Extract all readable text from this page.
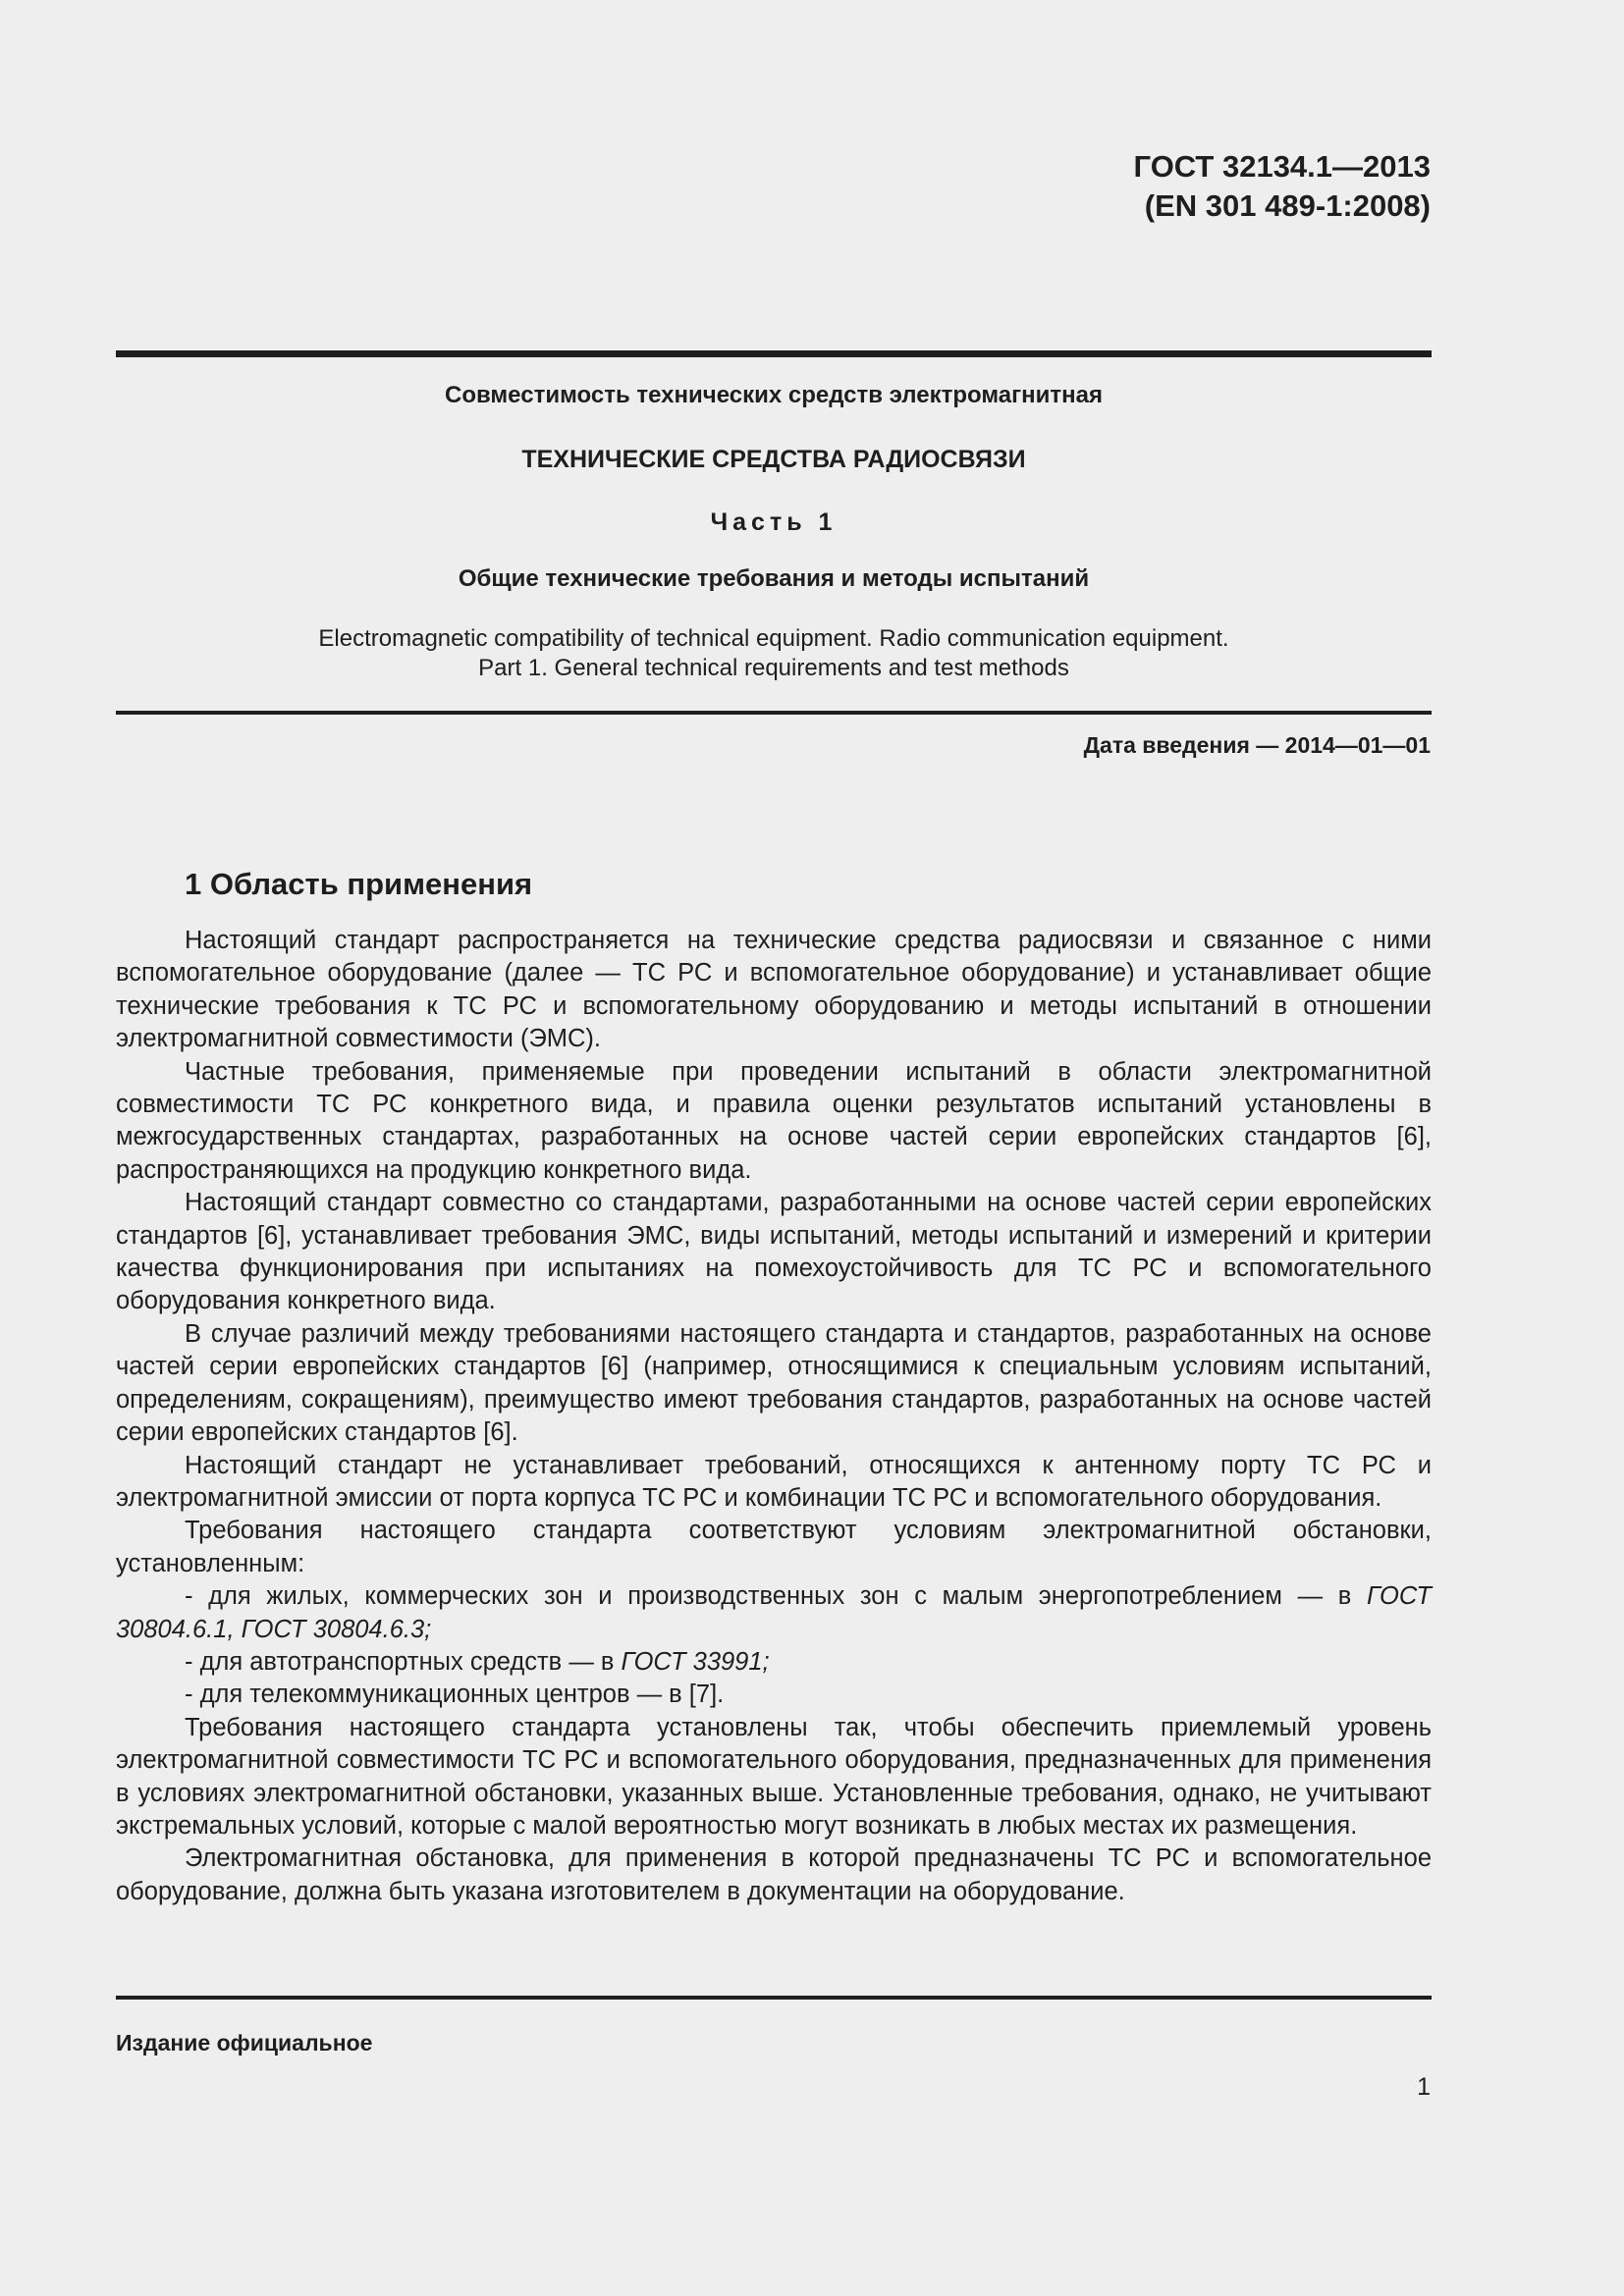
ГОСТ 32134.1—2013
(EN 301 489-1:2008)
Совместимость технических средств электромагнитная
ТЕХНИЧЕСКИЕ СРЕДСТВА РАДИОСВЯЗИ
Часть 1
Общие технические требования и методы испытаний
Electromagnetic compatibility of technical equipment. Radio communication equipment.
Part 1. General technical requirements and test methods
Дата введения — 2014—01—01
1 Область применения

Настоящий стандарт распространяется на технические средства радиосвязи и связанное с ними вспомогательное оборудование (далее — ТС РС и вспомогательное оборудование) и устанавливает общие технические требования к ТС РС и вспомогательному оборудованию и методы испытаний в отношении электромагнитной совместимости (ЭМС).

Частные требования, применяемые при проведении испытаний в области электромагнитной совместимости ТС РС конкретного вида, и правила оценки результатов испытаний установлены в межгосударственных стандартах, разработанных на основе частей серии европейских стандартов [6], распространяющихся на продукцию конкретного вида.

Настоящий стандарт совместно со стандартами, разработанными на основе частей серии европейских стандартов [6], устанавливает требования ЭМС, виды испытаний, методы испытаний и измерений и критерии качества функционирования при испытаниях на помехоустойчивость для ТС РС и вспомогательного оборудования конкретного вида.

В случае различий между требованиями настоящего стандарта и стандартов, разработанных на основе частей серии европейских стандартов [6] (например, относящимися к специальным условиям испытаний, определениям, сокращениям), преимущество имеют требования стандартов, разработанных на основе частей серии европейских стандартов [6].

Настоящий стандарт не устанавливает требований, относящихся к антенному порту ТС РС и электромагнитной эмиссии от порта корпуса ТС РС и комбинации ТС РС и вспомогательного оборудования.

Требования настоящего стандарта соответствуют условиям электромагнитной обстановки, установленным:

- для жилых, коммерческих зон и производственных зон с малым энергопотреблением — в ГОСТ 30804.6.1, ГОСТ 30804.6.3;

- для автотранспортных средств — в ГОСТ 33991;

- для телекоммуникационных центров — в [7].

Требования настоящего стандарта установлены так, чтобы обеспечить приемлемый уровень электромагнитной совместимости ТС РС и вспомогательного оборудования, предназначенных для применения в условиях электромагнитной обстановки, указанных выше. Установленные требования, однако, не учитывают экстремальных условий, которые с малой вероятностью могут возникать в любых местах их размещения.

Электромагнитная обстановка, для применения в которой предназначены ТС РС и вспомогательное оборудование, должна быть указана изготовителем в документации на оборудование.

Издание официальное
1
